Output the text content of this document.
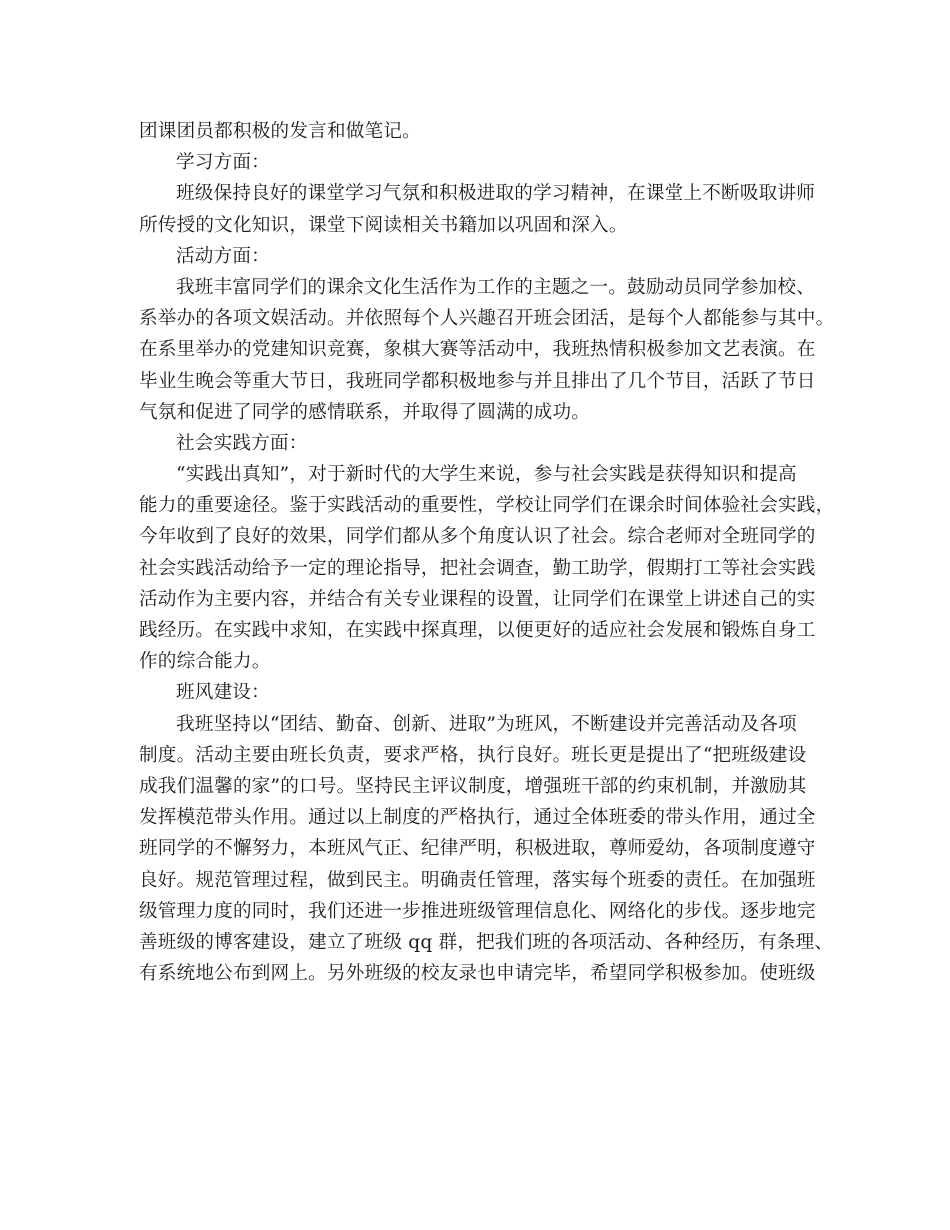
团课团员都积极的发言和做笔记。
学习方面：
班级保持良好的课堂学习气氛和积极进取的学习精神，在课堂上不断吸取讲师
所传授的文化知识，课堂下阅读相关书籍加以巩固和深入。
活动方面：
我班丰富同学们的课余文化生活作为工作的主题之一。鼓励动员同学参加校、
系举办的各项文娱活动。并依照每个人兴趣召开班会团活，是每个人都能参与其中。
在系里举办的党建知识竞赛，象棋大赛等活动中，我班热情积极参加文艺表演。在
毕业生晚会等重大节日，我班同学都积极地参与并且排出了几个节目，活跃了节日
气氛和促进了同学的感情联系，并取得了圆满的成功。
社会实践方面：
“实践出真知”，对于新时代的大学生来说，参与社会实践是获得知识和提高
能力的重要途径。鉴于实践活动的重要性，学校让同学们在课余时间体验社会实践，
今年收到了良好的效果，同学们都从多个角度认识了社会。综合老师对全班同学的
社会实践活动给予一定的理论指导，把社会调查，勤工助学，假期打工等社会实践
活动作为主要内容，并结合有关专业课程的设置，让同学们在课堂上讲述自己的实
践经历。在实践中求知，在实践中探真理，以便更好的适应社会发展和锻炼自身工
作的综合能力。
班风建设：
我班坚持以“团结、勤奋、创新、进取”为班风，不断建设并完善活动及各项
制度。活动主要由班长负责，要求严格，执行良好。班长更是提出了“把班级建设
成我们温馨的家”的口号。坚持民主评议制度，增强班干部的约束机制，并激励其
发挥模范带头作用。通过以上制度的严格执行，通过全体班委的带头作用，通过全
班同学的不懈努力，本班风气正、纪律严明，积极进取，尊师爱幼，各项制度遵守
良好。规范管理过程，做到民主。明确责任管理，落实每个班委的责任。在加强班
级管理力度的同时，我们还进一步推进班级管理信息化、网络化的步伐。逐步地完
善班级的博客建设，建立了班级 qq 群，把我们班的各项活动、各种经历，有条理、
有系统地公布到网上。另外班级的校友录也申请完毕，希望同学积极参加。使班级
